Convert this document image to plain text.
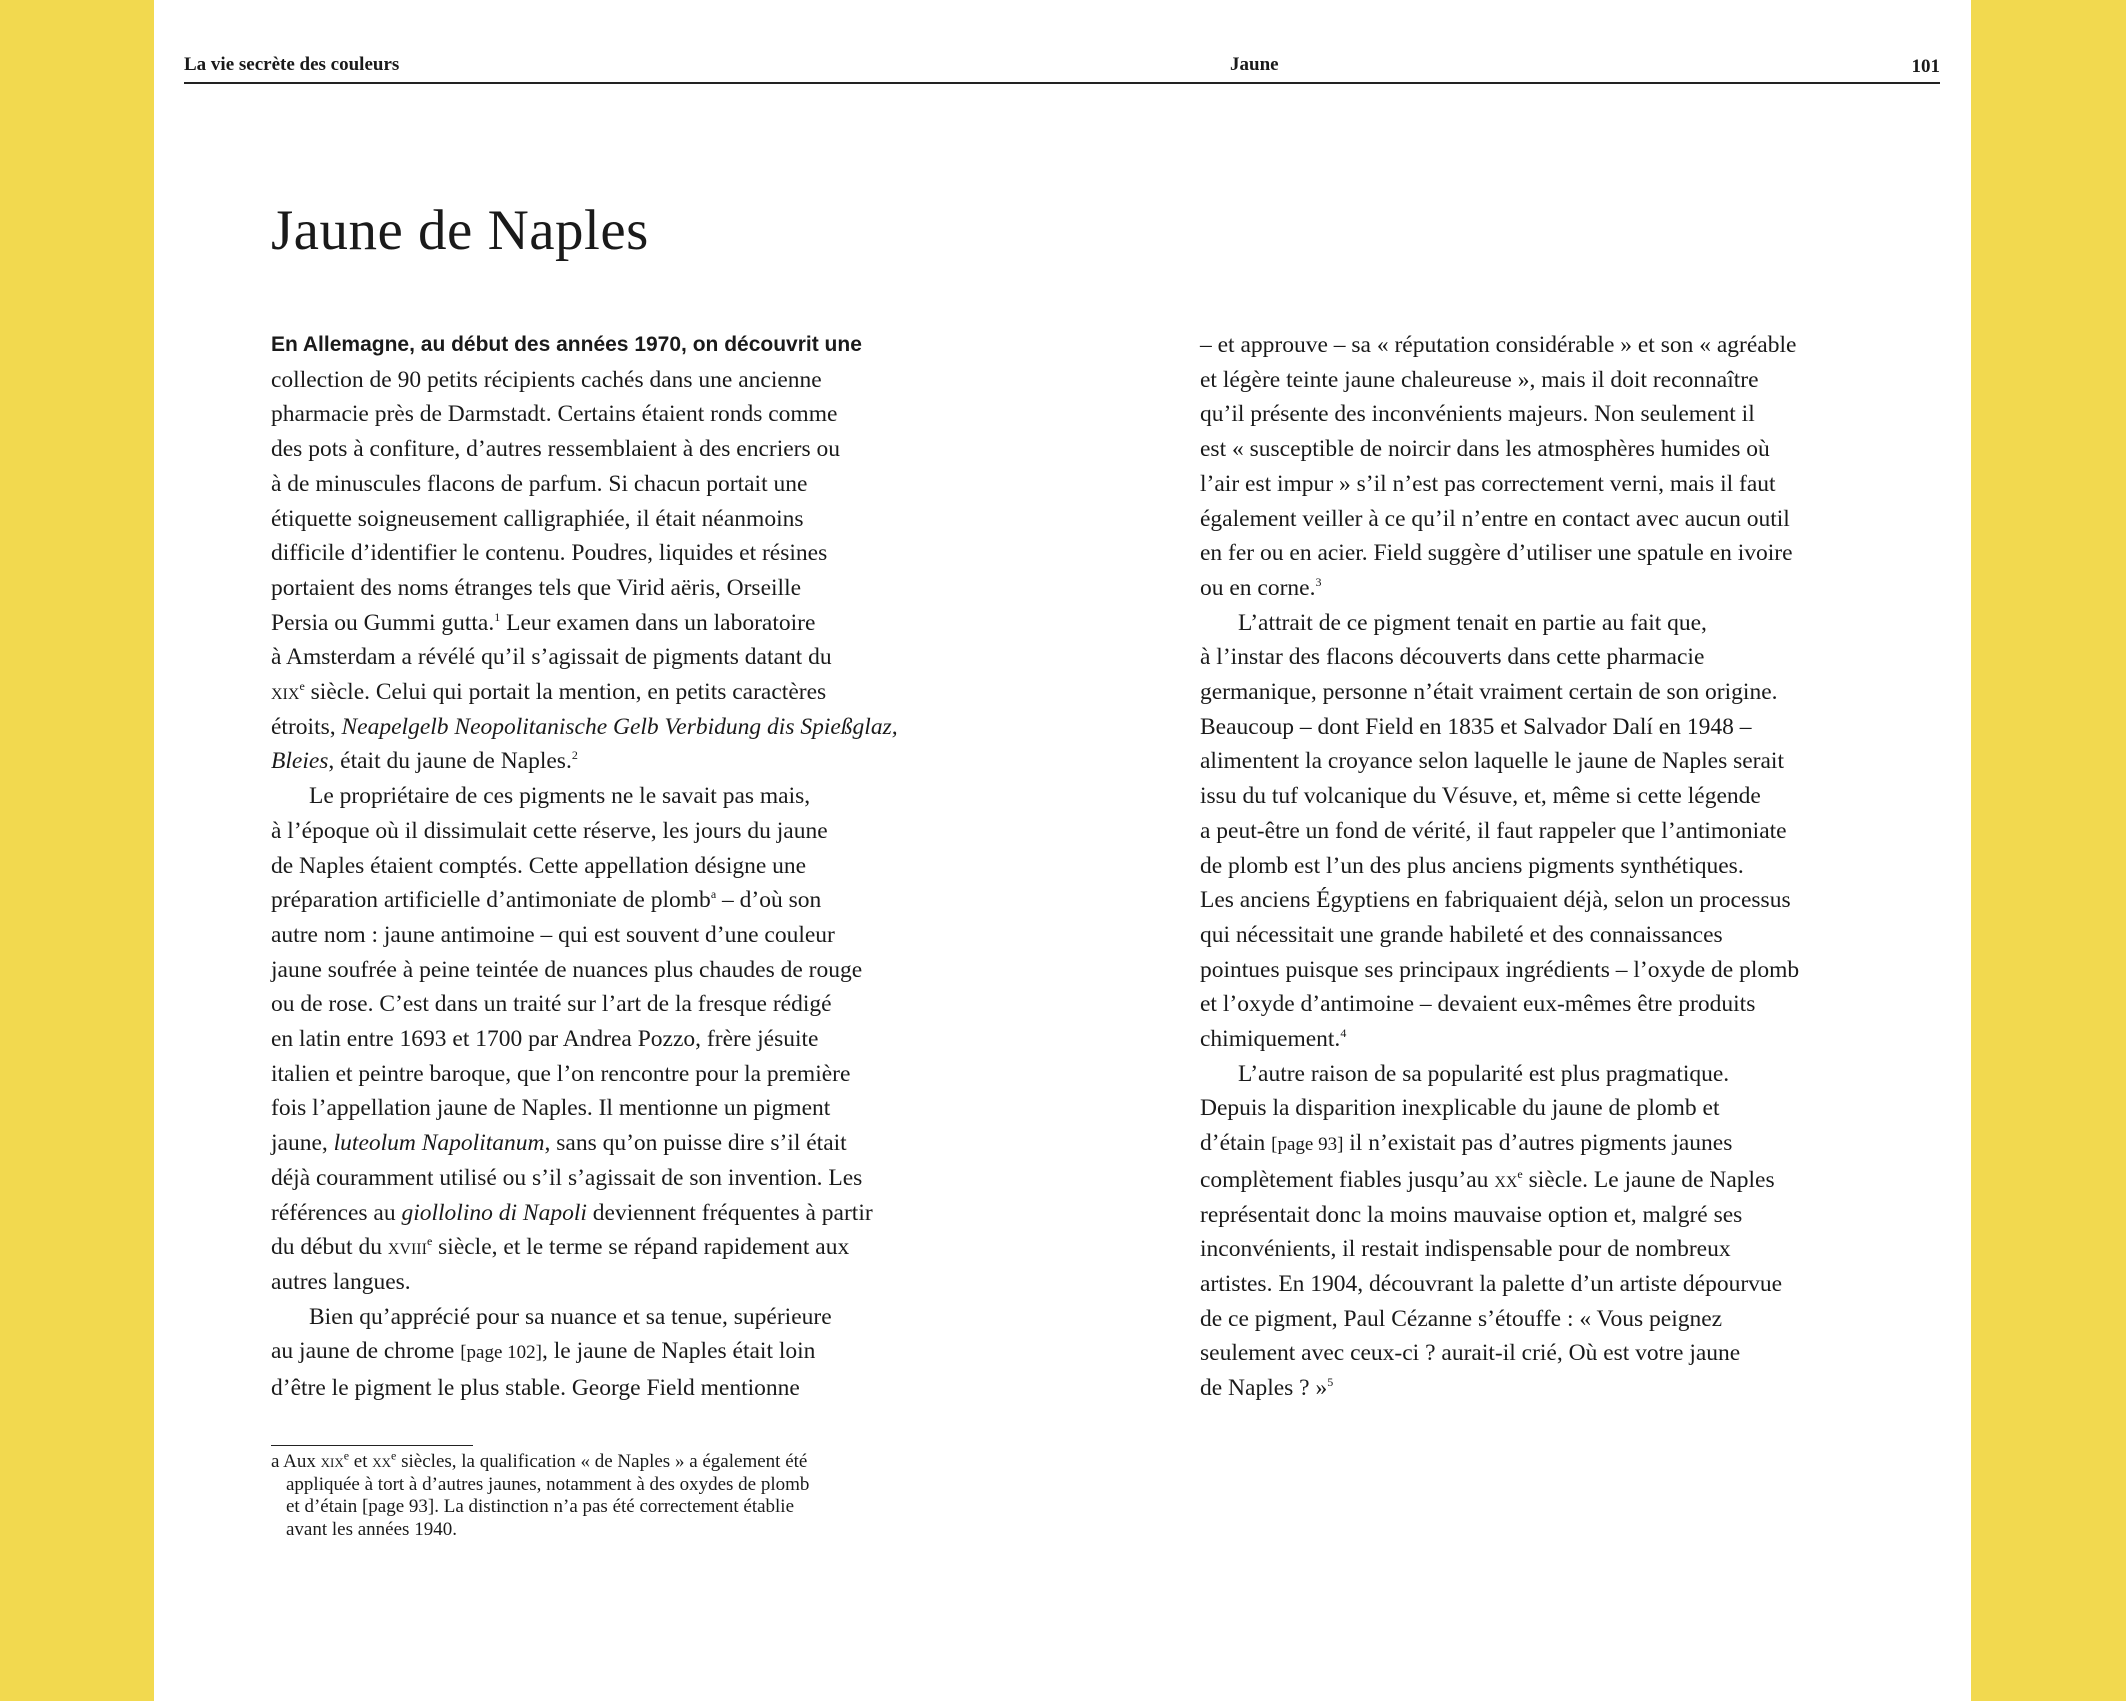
La vie secrète des couleurs	Jaune	101
Jaune de Naples
En Allemagne, au début des années 1970, on découvrit une
collection de 90 petits récipients cachés dans une ancienne
pharmacie près de Darmstadt. Certains étaient ronds comme
des pots à confiture, d’autres ressemblaient à des encriers ou
à de minuscules flacons de parfum. Si chacun portait une
étiquette soigneusement calligraphiée, il était néanmoins
difficile d’identifier le contenu. Poudres, liquides et résines
portaient des noms étranges tels que Virid aëris, Orseille
Persia ou Gummi gutta.$^1$ Leur examen dans un laboratoire
à Amsterdam a révélé qu’il s’agissait de pigments datant du
xix$^e$ siècle. Celui qui portait la mention, en petits caractères
étroits, Neapelgelb Neopolitanische Gelb Verbidung dis Spießglaz,
Bleies, était du jaune de Naples.$^2$
Le propriétaire de ces pigments ne le savait pas mais,
à l’époque où il dissimulait cette réserve, les jours du jaune
de Naples étaient comptés. Cette appellation désigne une
préparation artificielle d’antimoniate de plomb$^a$ – d’où son
autre nom : jaune antimoine – qui est souvent d’une couleur
jaune soufrée à peine teintée de nuances plus chaudes de rouge
ou de rose. C’est dans un traité sur l’art de la fresque rédigé
en latin entre 1693 et 1700 par Andrea Pozzo, frère jésuite
italien et peintre baroque, que l’on rencontre pour la première
fois l’appellation jaune de Naples. Il mentionne un pigment
jaune, luteolum Napolitanum, sans qu’on puisse dire s’il était
déjà couramment utilisé ou s’il s’agissait de son invention. Les
références au giollolino di Napoli deviennent fréquentes à partir
du début du xviii$^e$ siècle, et le terme se répand rapidement aux
autres langues.
Bien qu’apprécié pour sa nuance et sa tenue, supérieure
au jaune de chrome [page 102], le jaune de Naples était loin
d’être le pigment le plus stable. George Field mentionne
– et approuve – sa « réputation considérable » et son « agréable
et légère teinte jaune chaleureuse », mais il doit reconnaître
qu’il présente des inconvénients majeurs. Non seulement il
est « susceptible de noircir dans les atmosphères humides où
l’air est impur » s’il n’est pas correctement verni, mais il faut
également veiller à ce qu’il n’entre en contact avec aucun outil
en fer ou en acier. Field suggère d’utiliser une spatule en ivoire
ou en corne.$^3$
L’attrait de ce pigment tenait en partie au fait que,
à l’instar des flacons découverts dans cette pharmacie
germanique, personne n’était vraiment certain de son origine.
Beaucoup – dont Field en 1835 et Salvador Dalí en 1948 –
alimentent la croyance selon laquelle le jaune de Naples serait
issu du tuf volcanique du Vésuve, et, même si cette légende
a peut-être un fond de vérité, il faut rappeler que l’antimoniate
de plomb est l’un des plus anciens pigments synthétiques.
Les anciens Égyptiens en fabriquaient déjà, selon un processus
qui nécessitait une grande habileté et des connaissances
pointues puisque ses principaux ingrédients – l’oxyde de plomb
et l’oxyde d’antimoine – devaient eux-mêmes être produits
chimiquement.$^4$
L’autre raison de sa popularité est plus pragmatique.
Depuis la disparition inexplicable du jaune de plomb et
d’étain [page 93] il n’existait pas d’autres pigments jaunes
complètement fiables jusqu’au $xx^e$ siècle. Le jaune de Naples
représentait donc la moins mauvaise option et, malgré ses
inconvénients, il restait indispensable pour de nombreux
artistes. En 1904, découvrant la palette d’un artiste dépourvue
de ce pigment, Paul Cézanne s’étouffe : « Vous peignez
seulement avec ceux-ci ? aurait-il crié, Où est votre jaune
de Naples ? »$^5$
a Aux xix$^e$ et $xx^e$ siècles, la qualification « de Naples » a également été
appliquée à tort à d’autres jaunes, notamment à des oxydes de plomb
et d’étain [page 93]. La distinction n’a pas été correctement établie
avant les années 1940.
